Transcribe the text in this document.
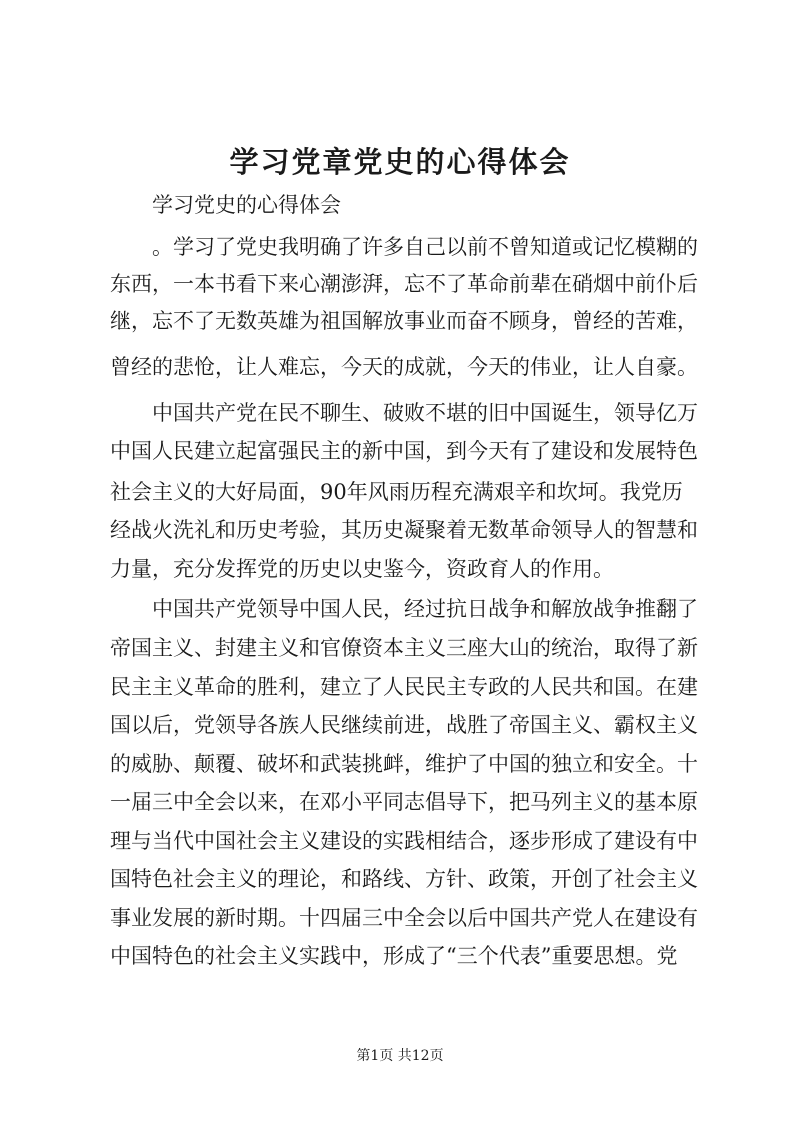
学习党章党史的心得体会
学习党史的心得体会
。学习了党史我明确了许多自己以前不曾知道或记忆模糊的
东西，一本书看下来心潮澎湃，忘不了革命前辈在硝烟中前仆后
继，忘不了无数英雄为祖国解放事业而奋不顾身，曾经的苦难，
曾经的悲怆，让人难忘，今天的成就，今天的伟业，让人自豪。
中国共产党在民不聊生、破败不堪的旧中国诞生，领导亿万
中国人民建立起富强民主的新中国，到今天有了建设和发展特色
社会主义的大好局面，90年风雨历程充满艰辛和坎坷。我党历
经战火洗礼和历史考验，其历史凝聚着无数革命领导人的智慧和
力量，充分发挥党的历史以史鉴今，资政育人的作用。
中国共产党领导中国人民，经过抗日战争和解放战争推翻了
帝国主义、封建主义和官僚资本主义三座大山的统治，取得了新
民主主义革命的胜利，建立了人民民主专政的人民共和国。在建
国以后，党领导各族人民继续前进，战胜了帝国主义、霸权主义
的威胁、颠覆、破坏和武装挑衅，维护了中国的独立和安全。十
一届三中全会以来，在邓小平同志倡导下，把马列主义的基本原
理与当代中国社会主义建设的实践相结合，逐步形成了建设有中
国特色社会主义的理论，和路线、方针、政策，开创了社会主义
事业发展的新时期。十四届三中全会以后中国共产党人在建设有
中国特色的社会主义实践中，形成了“三个代表”重要思想。党
第1页 共12页
